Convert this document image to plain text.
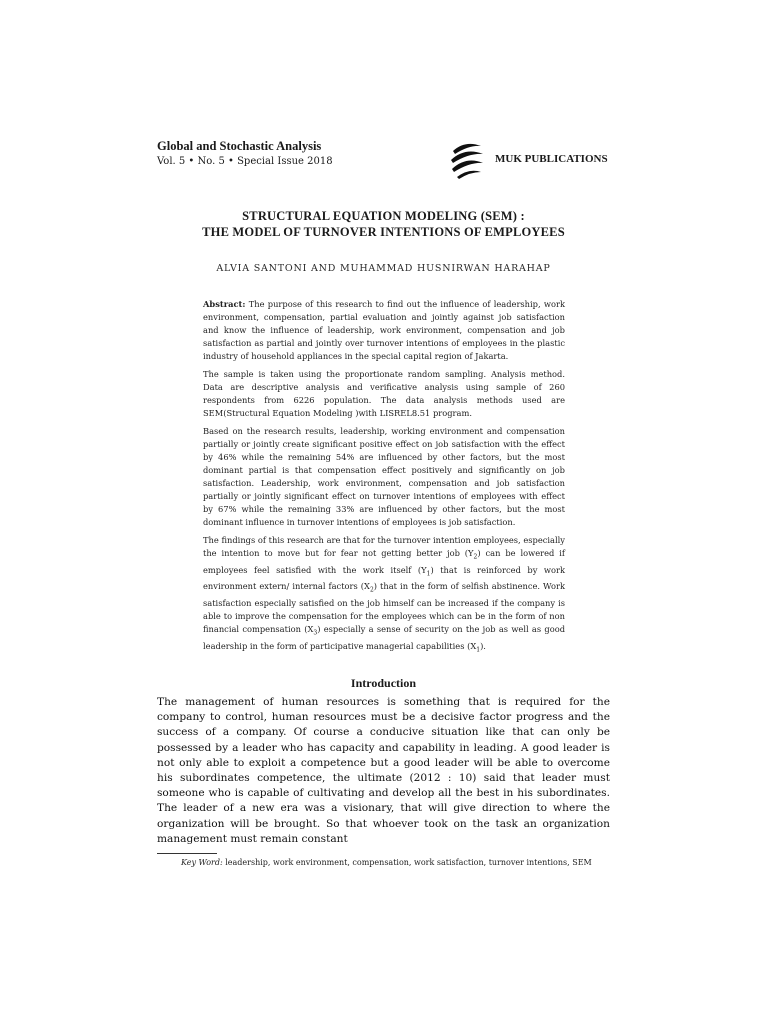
Global and Stochastic Analysis
Vol. 5 • No. 5 • Special Issue 2018	MUK PUBLICATIONS
STRUCTURAL EQUATION MODELING (SEM) :
THE MODEL OF TURNOVER INTENTIONS OF EMPLOYEES
ALVIA SANTONI AND MUHAMMAD HUSNIRWAN HARAHAP

Abstract: The purpose of this research to find out the influence of leadership, work environment, compensation, partial evaluation and jointly against job satisfaction and know the influence of leadership, work environment, compensation and job satisfaction as partial and jointly over turnover intentions of employees in the plastic industry of household appliances in the special capital region of Jakarta.

The sample is taken using the proportionate random sampling. Analysis method. Data are descriptive analysis and verificative analysis using sample of 260 respondents from 6226 population. The data analysis methods used are SEM(Structural Equation Modeling )with LISREL8.51 program.

Based on the research results, leadership, working environment and compensation partially or jointly create significant positive effect on job satisfaction with the effect by 46% while the remaining 54% are influenced by other factors, but the most dominant partial is that compensation effect positively and significantly on job satisfaction. Leadership, work environment, compensation and job satisfaction partially or jointly significant effect on turnover intentions of employees with effect by 67% while the remaining 33% are influenced by other factors, but the most dominant influence in turnover intentions of employees is job satisfaction.

The findings of this research are that for the turnover intention employees, especially the intention to move but for fear not getting better job $(Y_2)$ can be lowered if employees feel satisfied with the work itself $(Y_1)$ that is reinforced by work environment extern/ internal factors $(X_2)$ that in the form of selfish abstinence. Work satisfaction especially satisfied on the job himself can be increased if the company is able to improve the compensation for the employees which can be in the form of non financial compensation $(X_3)$ especially a sense of security on the job as well as good leadership in the form of participative managerial capabilities $(X_1)$.

Introduction

The management of human resources is something that is required for the company to control, human resources must be a decisive factor progress and the success of a company. Of course a conducive situation like that can only be possessed by a leader who has capacity and capability in leading. A good leader is not only able to exploit a competence but a good leader will be able to overcome his subordinates competence, the ultimate (2012 : 10) said that leader must someone who is capable of cultivating and develop all the best in his subordinates. The leader of a new era was a visionary, that will give direction to where the organization will be brought. So that whoever took on the task an organization management must remain constant

Key Word: leadership, work environment, compensation, work satisfaction, turnover intentions, SEM
